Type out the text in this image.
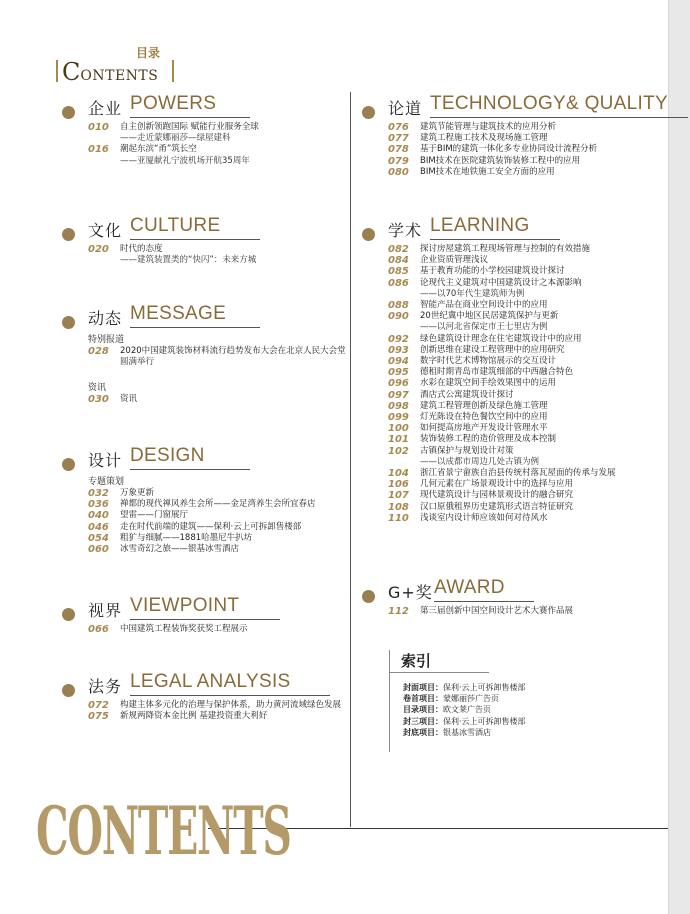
目录
CONTENTS
CONTENTS
企业 POWERS
010 自主创新领跑国际 赋能行业服务全球
——走近蒙娜丽莎—绿屋建科
016 潮起东滨“甬”筑长空
——亚厦献礼宁波机场开航35周年
文化 CULTURE
020 时代的态度
——建筑装置类的“快闪”：未来方城
动态 MESSAGE
特别报道
028 2020中国建筑装饰材料流行趋势发布大会在北京人民大会堂
圆满举行
资讯
030 资讯
设计 DESIGN
专题策划
032 万象更新
036 禅都的现代禅风养生会所——金足湾养生会所宜春店
040 望雷——门窗展厅
046 走在时代前端的建筑——保利·云上可拆卸售楼部
054 粗犷与细腻——1881哈墨尼牛扒坊
060 冰雪奇幻之旅——银基冰雪酒店
视界 VIEWPOINT
066 中国建筑工程装饰奖获奖工程展示
法务 LEGAL ANALYSIS
072 构建主体多元化的治理与保护体系，助力黄河流域绿色发展
075 新规两降资本金比例 基建投资重大利好
论道 TECHNOLOGY& QUALITY
076 建筑节能管理与建筑技术的应用分析
077 建筑工程施工技术及现场施工管理
078 基于BIM的建筑一体化多专业协同设计流程分析
079 BIM技术在医院建筑装饰装修工程中的应用
080 BIM技术在地铁施工安全方面的应用
学术 LEARNING
082 探讨房屋建筑工程现场管理与控制的有效措施
084 企业资质管理浅议
085 基于教育功能的小学校园建筑设计探讨
086 论现代主义建筑对中国建筑设计之本源影响
——以70年代生建筑师为例
088 智能产品在商业空间设计中的应用
090 20世纪冀中地区民居建筑保护与更新
——以河北省保定市王七里店为例
092 绿色建筑设计理念在住宅建筑设计中的应用
093 创新思维在建设工程管理中的应用研究
094 数字时代艺术博物馆展示的交互设计
095 德租时期青岛市建筑细部的中西融合特色
096 水彩在建筑空间手绘效果图中的运用
097 酒店式公寓建筑设计探讨
098 建筑工程管理创新及绿色施工管理
099 灯光陈设在特色餐饮空间中的应用
100 如何提高房地产开发设计管理水平
101 装饰装修工程的造价管理及成本控制
102 古镇保护与规划设计对策
——以成都市周边几处古镇为例
104 浙江省景宁畲族自治县传统村落瓦屋面的传承与发展
106 几何元素在广场景观设计中的选择与应用
107 现代建筑设计与园林景观设计的融合研究
108 汉口原俄租界历史建筑形式语言特征研究
110 浅谈室内设计师应该如何对待风水
G+奖 AWARD
112 第三届创新中国空间设计艺术大赛作品展
索引
封面项目：保利·云上可拆卸售楼部
卷首项目：蒙娜丽莎广告页
目录项目：欧文莱广告页
封三项目：保利·云上可拆卸售楼部
封底项目：银基冰雪酒店
